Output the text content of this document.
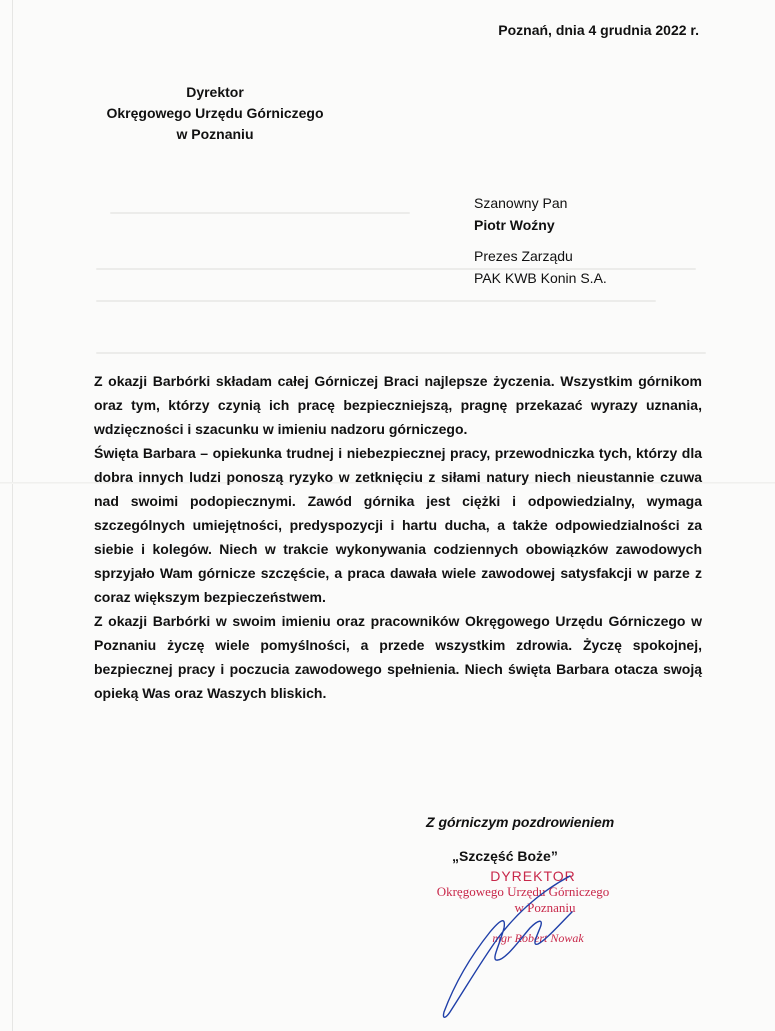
Poznań, dnia 4 grudnia 2022 r.
Dyrektor
Okręgowego Urzędu Górniczego
w Poznaniu
Szanowny Pan
Piotr Woźny
Prezes Zarządu
PAK KWB Konin S.A.

Z okazji Barbórki składam całej Górniczej Braci najlepsze życzenia. Wszystkim górnikom oraz tym, którzy czynią ich pracę bezpieczniejszą, pragnę przekazać wyrazy uznania, wdzięczności i szacunku w imieniu nadzoru górniczego.

Święta Barbara – opiekunka trudnej i niebezpiecznej pracy, przewodniczka tych, którzy dla dobra innych ludzi ponoszą ryzyko w zetknięciu z siłami natury niech nieustannie czuwa nad swoimi podopiecznymi. Zawód górnika jest ciężki i odpowiedzialny, wymaga szczególnych umiejętności, predyspozycji i hartu ducha, a także odpowiedzialności za siebie i kolegów. Niech w trakcie wykonywania codziennych obowiązków zawodowych sprzyjało Wam górnicze szczęście, a praca dawała wiele zawodowej satysfakcji w parze z coraz większym bezpieczeństwem.

Z okazji Barbórki w swoim imieniu oraz pracowników Okręgowego Urzędu Górniczego w Poznaniu życzę wiele pomyślności, a przede wszystkim zdrowia. Życzę spokojnej, bezpiecznej pracy i poczucia zawodowego spełnienia. Niech święta Barbara otacza swoją opieką Was oraz Waszych bliskich.

Z górniczym pozdrowieniem
„Szczęść Boże”
DYREKTOR
Okręgowego Urzędu Górniczego
w Poznaniu
mgr Robert Nowak
